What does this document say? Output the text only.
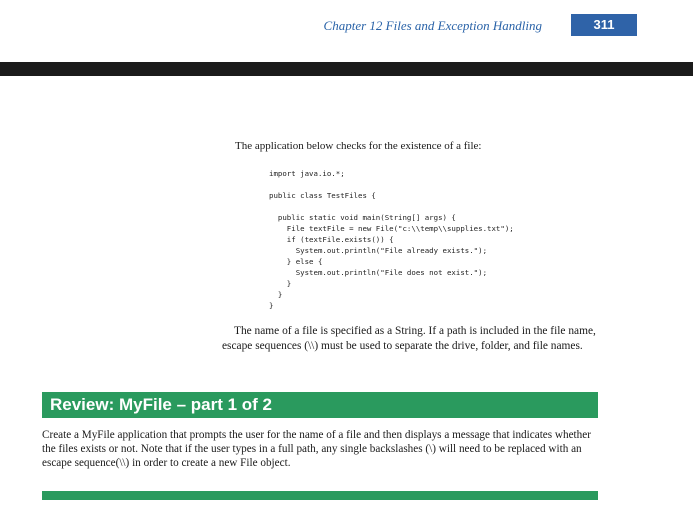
Chapter 12 Files and Exception Handling	311
The application below checks for the existence of a file:
import java.io.*;

public class TestFiles {

public static void main(String[] args) {
File textFile = new File("c:\\temp\\supplies.txt");
if (textFile.exists()) {
System.out.println("File already exists.");
} else {
System.out.println("File does not exist.");
}
}
}

The name of a file is specified as a String. If a path is included in the file name, escape sequences (\\) must be used to separate the drive, folder, and file names.

Review: MyFile – part 1 of 2

Create a MyFile application that prompts the user for the name of a file and then displays a message that indicates whether the files exists or not. Note that if the user types in a full path, any single backslashes (\) will need to be replaced with an escape sequence(\\) in order to create a new File object.
